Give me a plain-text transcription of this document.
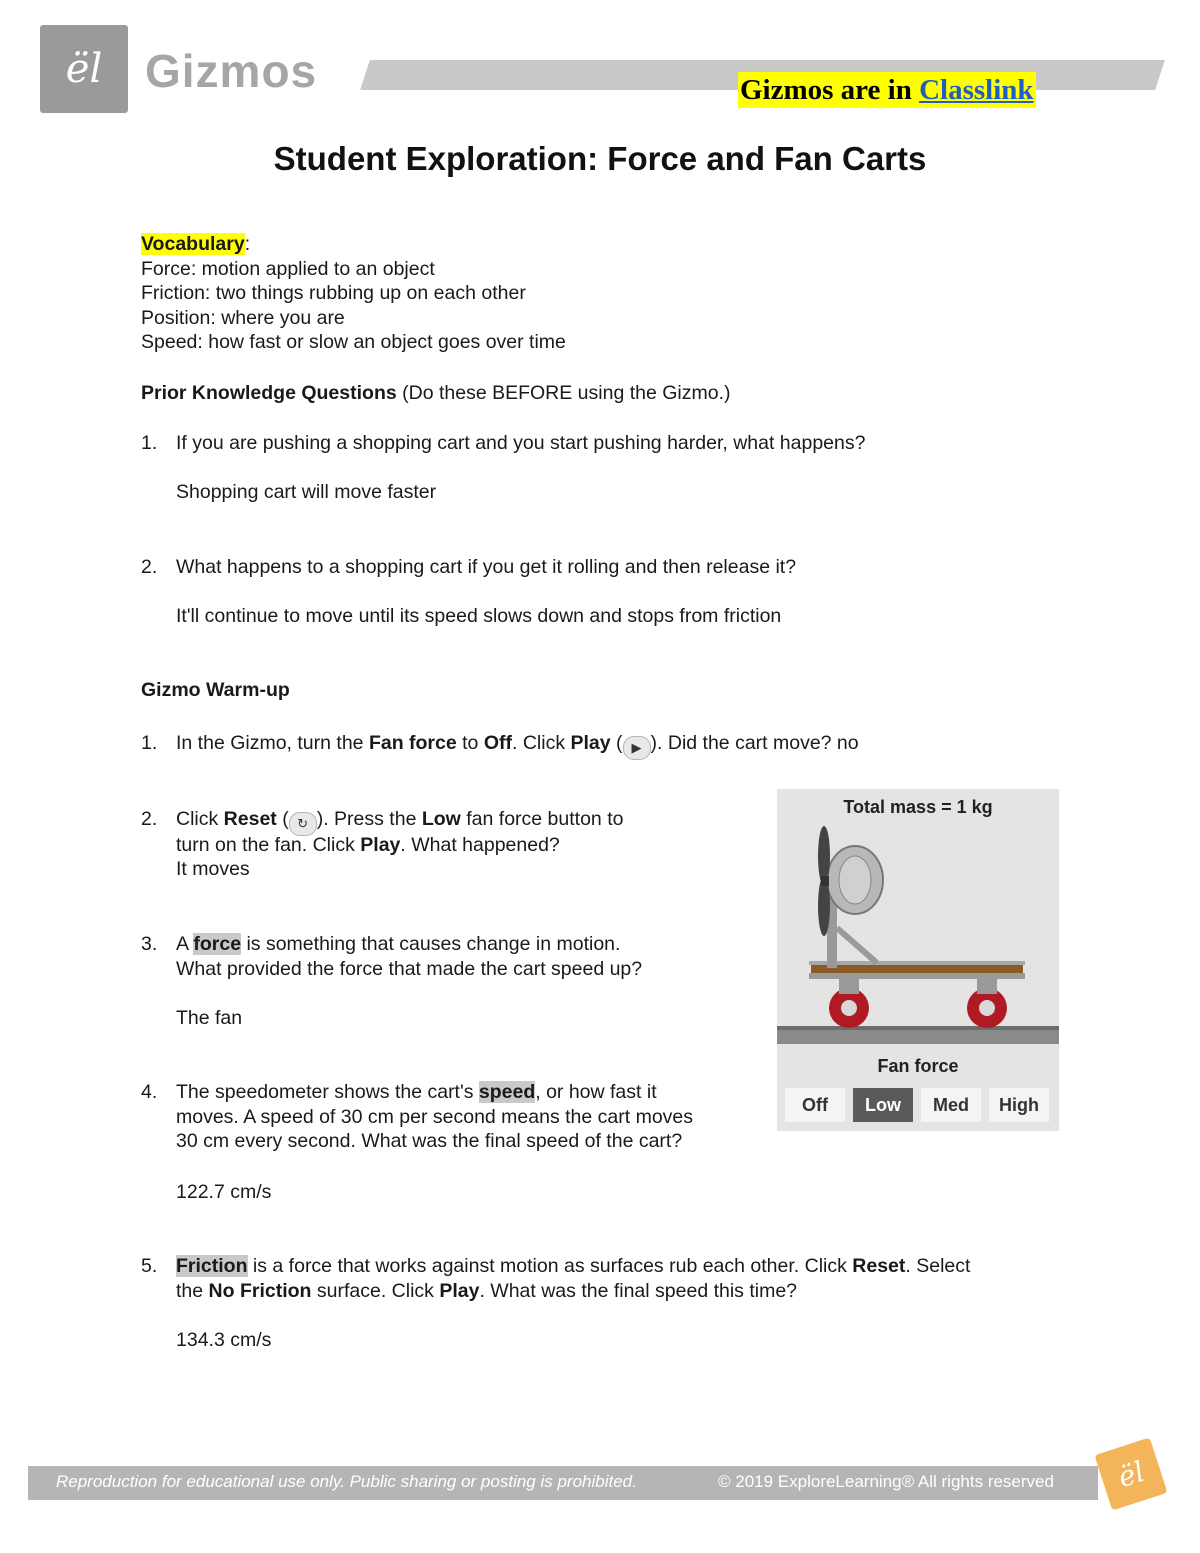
ël Gizmos	Gizmos are in Classlink
Student Exploration: Force and Fan Carts
Vocabulary:
Force: motion applied to an object
Friction: two things rubbing up on each other
Position: where you are
Speed: how fast or slow an object goes over time
Prior Knowledge Questions (Do these BEFORE using the Gizmo.)
1. If you are pushing a shopping cart and you start pushing harder, what happens?
Shopping cart will move faster
2. What happens to a shopping cart if you get it rolling and then release it?
It'll continue to move until its speed slows down and stops from friction
Gizmo Warm-up
1. In the Gizmo, turn the Fan force to Off. Click Play ( ▶ ). Did the cart move? no
2. Click Reset ( ↻ ). Press the Low fan force button to
turn on the fan. Click Play. What happened?
It moves
3. A force is something that causes change in motion.
What provided the force that made the cart speed up?
The fan
4. The speedometer shows the cart's speed, or how fast it
moves. A speed of 30 cm per second means the cart moves
30 cm every second. What was the final speed of the cart?
122.7 cm/s
5. Friction is a force that works against motion as surfaces rub each other. Click Reset. Select
the No Friction surface. Click Play. What was the final speed this time?
134.3 cm/s
Total mass = 1 kg
Fan force
Off	Low	Med	High
Reproduction for educational use only. Public sharing or posting is prohibited.	© 2019 ExploreLearning® All rights reserved ël
